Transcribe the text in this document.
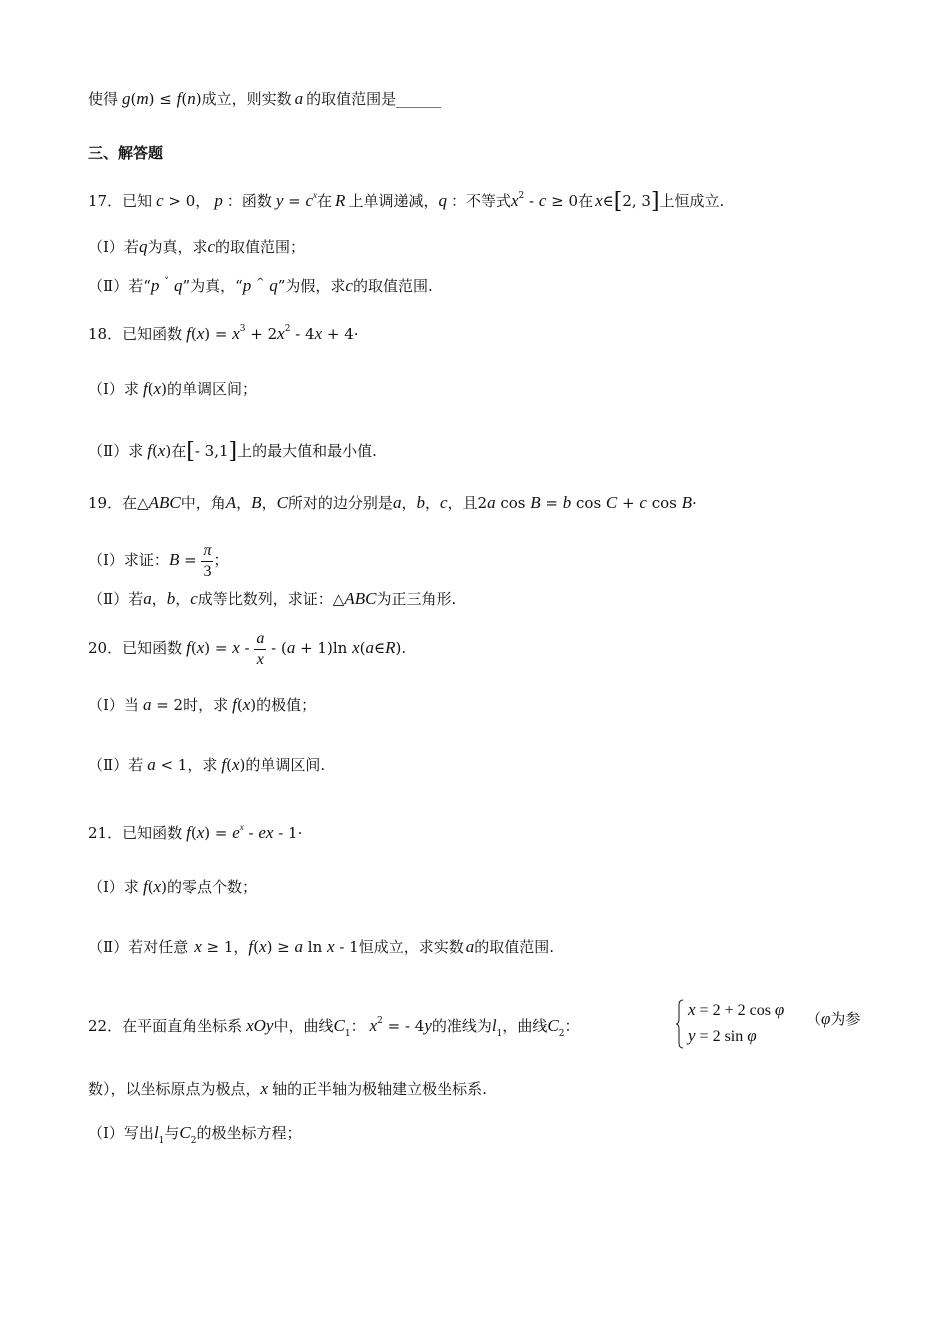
使得 g(m) ≤ f(n)成立，则实数 a 的取值范围是______
三、解答题
17．已知 c > 0， p ：函数 $y = c^x$在 R 上单调递减，q ：不等式$x^2 - c \ge 0$在 x∈[2, 3]上恒成立.
（Ⅰ）若q为真，求c的取值范围；
（Ⅱ）若“p ˅ q”为真，“p ^ q”为假，求c的取值范围.
18．已知函数 $f(x) = x^3 + 2x^2 - 4x + 4\cdot$
（Ⅰ）求 f(x)的单调区间；
（Ⅱ）求 f(x)在[- 3,1]上的最大值和最小值.
19．在△ABC中，角A，B，C所对的边分别是a，b，c，且2a cos B = b cos C + c cos B·
（Ⅰ）求证：$B = \frac{\pi}{3}$ ；
（Ⅱ）若a，b，c成等比数列，求证：△ABC为正三角形.
20．已知函数 $f(x) = x - \frac{a}{x} - (a + 1)\ln$ x(a∈R).
（Ⅰ）当 a = 2时，求 f(x)的极值；
（Ⅱ）若 a < 1，求 f(x)的单调区间.
21．已知函数 $f(x) = e^x$ - ex - 1·
（Ⅰ）求 f(x)的零点个数；
（Ⅱ）若对任意 x ≥ 1，f(x) ≥ a ln x - 1恒成立，求实数 a的取值范围.
22．在平面直角坐标系 xOy中，曲线$C_1$： $x^2$ = - 4y的准线为$l_1$，曲线$C_2$：
x = 2 + 2 cos φ
y = 2 sin φ
（φ为参
数），以坐标原点为极点，x 轴的正半轴为极轴建立极坐标系.
（Ⅰ）写出$l_1$与$C_2$的极坐标方程；
